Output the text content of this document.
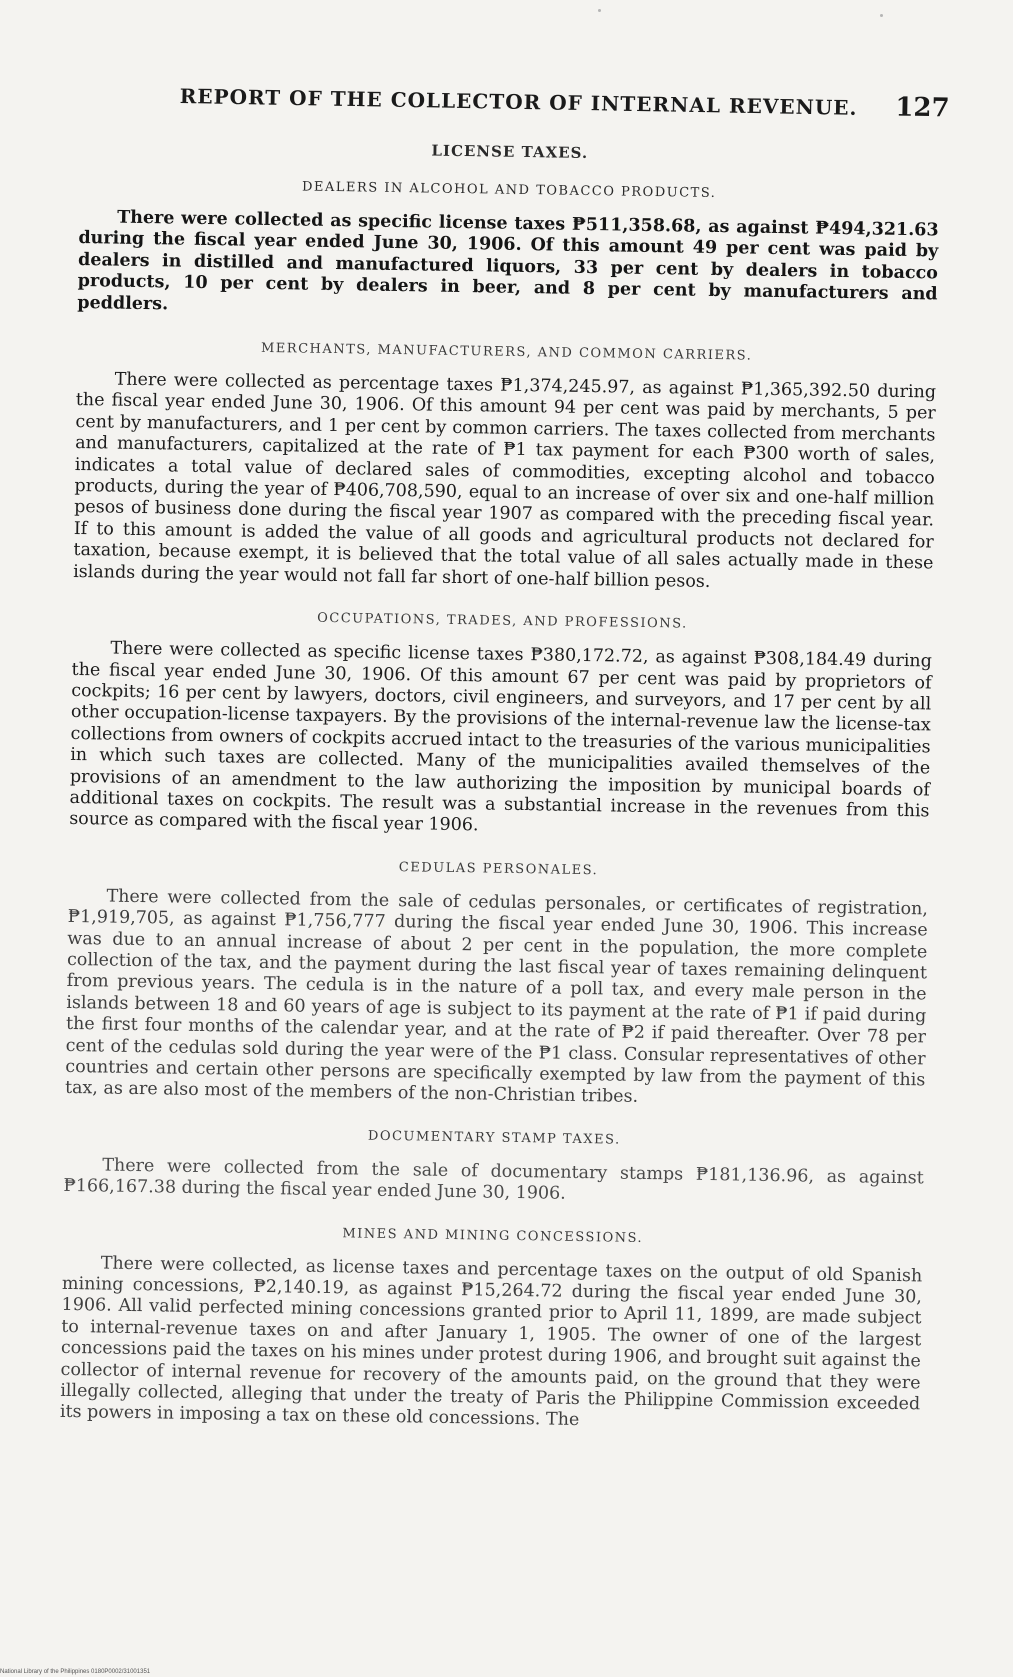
REPORT OF THE COLLECTOR OF INTERNAL REVENUE. 127
LICENSE TAXES.
DEALERS IN ALCOHOL AND TOBACCO PRODUCTS.

There were collected as specific license taxes ₱511,358.68, as against ₱494,321.63 during the fiscal year ended June 30, 1906. Of this amount 49 per cent was paid by dealers in distilled and manufactured liquors, 33 per cent by dealers in tobacco products, 10 per cent by dealers in beer, and 8 per cent by manufacturers and peddlers.

MERCHANTS, MANUFACTURERS, AND COMMON CARRIERS.

There were collected as percentage taxes ₱1,374,245.97, as against ₱1,365,392.50 during the fiscal year ended June 30, 1906. Of this amount 94 per cent was paid by merchants, 5 per cent by manufacturers, and 1 per cent by common carriers. The taxes collected from merchants and manufacturers, capitalized at the rate of ₱1 tax payment for each ₱300 worth of sales, indicates a total value of declared sales of commodities, excepting alcohol and tobacco products, during the year of ₱406,708,590, equal to an increase of over six and one-half million pesos of business done during the fiscal year 1907 as compared with the preceding fiscal year. If to this amount is added the value of all goods and agricultural products not declared for taxation, because exempt, it is believed that the total value of all sales actually made in these islands during the year would not fall far short of one-half billion pesos.

OCCUPATIONS, TRADES, AND PROFESSIONS.

There were collected as specific license taxes ₱380,172.72, as against ₱308,184.49 during the fiscal year ended June 30, 1906. Of this amount 67 per cent was paid by proprietors of cockpits; 16 per cent by lawyers, doctors, civil engineers, and surveyors, and 17 per cent by all other occupation-license taxpayers. By the provisions of the internal-revenue law the license-tax collections from owners of cockpits accrued intact to the treasuries of the various municipalities in which such taxes are collected. Many of the municipalities availed themselves of the provisions of an amendment to the law authorizing the imposition by municipal boards of additional taxes on cockpits. The result was a substantial increase in the revenues from this source as compared with the fiscal year 1906.

CEDULAS PERSONALES.

There were collected from the sale of cedulas personales, or certificates of registration, ₱1,919,705, as against ₱1,756,777 during the fiscal year ended June 30, 1906. This increase was due to an annual increase of about 2 per cent in the population, the more complete collection of the tax, and the payment during the last fiscal year of taxes remaining delinquent from previous years. The cedula is in the nature of a poll tax, and every male person in the islands between 18 and 60 years of age is subject to its payment at the rate of ₱1 if paid during the first four months of the calendar year, and at the rate of ₱2 if paid thereafter. Over 78 per cent of the cedulas sold during the year were of the ₱1 class. Consular representatives of other countries and certain other persons are specifically exempted by law from the payment of this tax, as are also most of the members of the non-Christian tribes.

DOCUMENTARY STAMP TAXES.

There were collected from the sale of documentary stamps ₱181,136.96, as against ₱166,167.38 during the fiscal year ended June 30, 1906.

MINES AND MINING CONCESSIONS.

There were collected, as license taxes and percentage taxes on the output of old Spanish mining concessions, ₱2,140.19, as against ₱15,264.72 during the fiscal year ended June 30, 1906. All valid perfected mining concessions granted prior to April 11, 1899, are made subject to internal-revenue taxes on and after January 1, 1905. The owner of one of the largest concessions paid the taxes on his mines under protest during 1906, and brought suit against the collector of internal revenue for recovery of the amounts paid, on the ground that they were illegally collected, alleging that under the treaty of Paris the Philippine Commission exceeded its powers in imposing a tax on these old concessions. The

National Library of the Philippines 0180P0002/31001351
